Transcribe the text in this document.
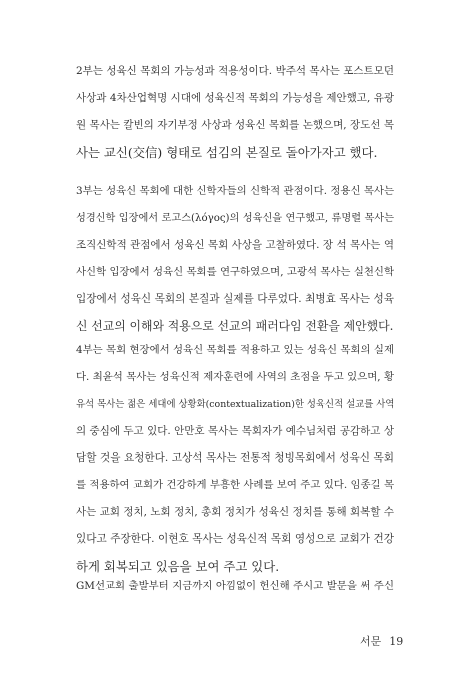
2부는 성육신 목회의 가능성과 적용성이다. 박주석 목사는 포스트모던
사상과 4차산업혁명 시대에 성육신적 목회의 가능성을 제안했고, 유광
원 목사는 칼빈의 자기부정 사상과 성육신 목회를 논했으며, 장도선 목
사는 교신(交信) 형태로 섬김의 본질로 돌아가자고 했다.
3부는 성육신 목회에 대한 신학자들의 신학적 관점이다. 정용신 목사는
성경신학 입장에서 로고스(λόγος)의 성육신을 연구했고, 류명렬 목사는
조직신학적 관점에서 성육신 목회 사상을 고찰하였다. 장 석 목사는 역
사신학 입장에서 성육신 목회를 연구하였으며, 고광석 목사는 실천신학
입장에서 성육신 목회의 본질과 실제를 다루었다. 최병효 목사는 성육
신 선교의 이해와 적용으로 선교의 패러다임 전환을 제안했다.
4부는 목회 현장에서 성육신 목회를 적용하고 있는 성육신 목회의 실제
다. 최윤석 목사는 성육신적 제자훈련에 사역의 초점을 두고 있으며, 황
유석 목사는 젊은 세대에 상황화(contextualization)한 성육신적 설교를 사역
의 중심에 두고 있다. 안만호 목사는 목회자가 예수님처럼 공감하고 상
담할 것을 요청한다. 고상석 목사는 전통적 청빙목회에서 성육신 목회
를 적용하여 교회가 건강하게 부흥한 사례를 보여 주고 있다. 임종길 목
사는 교회 정치, 노회 정치, 총회 정치가 성육신 정치를 통해 회복할 수
있다고 주장한다. 이현호 목사는 성육신적 목회 영성으로 교회가 건강
하게 회복되고 있음을 보여 주고 있다.
GM선교회 출발부터 지금까지 아낌없이 헌신해 주시고 발문을 써 주신
서문 19
